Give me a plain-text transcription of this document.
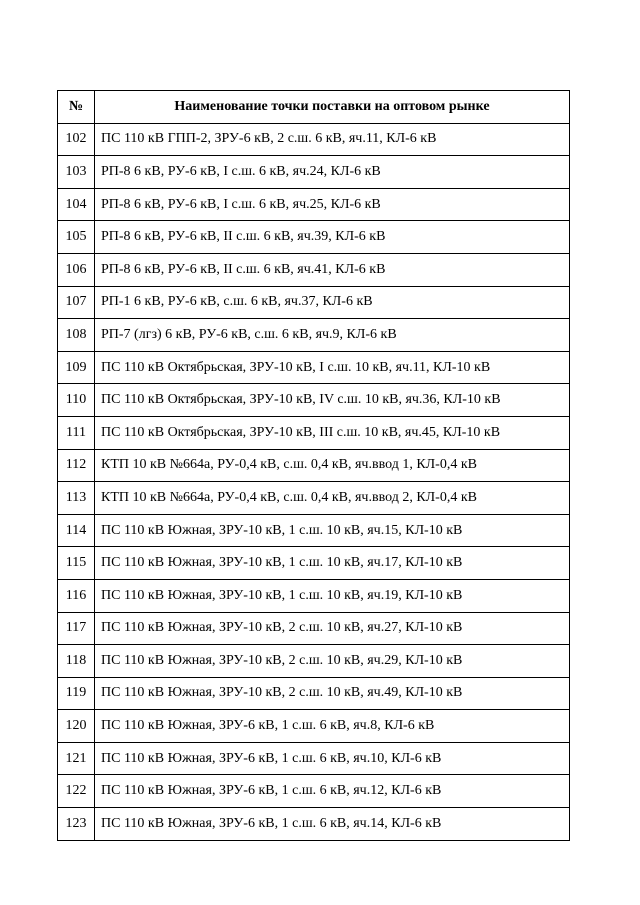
№	Наименование точки поставки на оптовом рынке
102	ПС 110 кВ ГПП-2, ЗРУ-6 кВ, 2 с.ш. 6 кВ, яч.11, КЛ-6 кВ
103	РП-8 6 кВ, РУ-6 кВ, I с.ш. 6 кВ, яч.24, КЛ-6 кВ
104	РП-8 6 кВ, РУ-6 кВ, I с.ш. 6 кВ, яч.25, КЛ-6 кВ
105	РП-8 6 кВ, РУ-6 кВ, II с.ш. 6 кВ, яч.39, КЛ-6 кВ
106	РП-8 6 кВ, РУ-6 кВ, II с.ш. 6 кВ, яч.41, КЛ-6 кВ
107	РП-1 6 кВ, РУ-6 кВ, с.ш. 6 кВ, яч.37, КЛ-6 кВ
108	РП-7 (лгз) 6 кВ, РУ-6 кВ, с.ш. 6 кВ, яч.9, КЛ-6 кВ
109	ПС 110 кВ Октябрьская, ЗРУ-10 кВ, I с.ш. 10 кВ, яч.11, КЛ-10 кВ
110	ПС 110 кВ Октябрьская, ЗРУ-10 кВ, IV с.ш. 10 кВ, яч.36, КЛ-10 кВ
111	ПС 110 кВ Октябрьская, ЗРУ-10 кВ, III с.ш. 10 кВ, яч.45, КЛ-10 кВ
112	КТП 10 кВ №664а, РУ-0,4 кВ, с.ш. 0,4 кВ, яч.ввод 1, КЛ-0,4 кВ
113	КТП 10 кВ №664а, РУ-0,4 кВ, с.ш. 0,4 кВ, яч.ввод 2, КЛ-0,4 кВ
114	ПС 110 кВ Южная, ЗРУ-10 кВ, 1 с.ш. 10 кВ, яч.15, КЛ-10 кВ
115	ПС 110 кВ Южная, ЗРУ-10 кВ, 1 с.ш. 10 кВ, яч.17, КЛ-10 кВ
116	ПС 110 кВ Южная, ЗРУ-10 кВ, 1 с.ш. 10 кВ, яч.19, КЛ-10 кВ
117	ПС 110 кВ Южная, ЗРУ-10 кВ, 2 с.ш. 10 кВ, яч.27, КЛ-10 кВ
118	ПС 110 кВ Южная, ЗРУ-10 кВ, 2 с.ш. 10 кВ, яч.29, КЛ-10 кВ
119	ПС 110 кВ Южная, ЗРУ-10 кВ, 2 с.ш. 10 кВ, яч.49, КЛ-10 кВ
120	ПС 110 кВ Южная, ЗРУ-6 кВ, 1 с.ш. 6 кВ, яч.8, КЛ-6 кВ
121	ПС 110 кВ Южная, ЗРУ-6 кВ, 1 с.ш. 6 кВ, яч.10, КЛ-6 кВ
122	ПС 110 кВ Южная, ЗРУ-6 кВ, 1 с.ш. 6 кВ, яч.12, КЛ-6 кВ
123	ПС 110 кВ Южная, ЗРУ-6 кВ, 1 с.ш. 6 кВ, яч.14, КЛ-6 кВ
